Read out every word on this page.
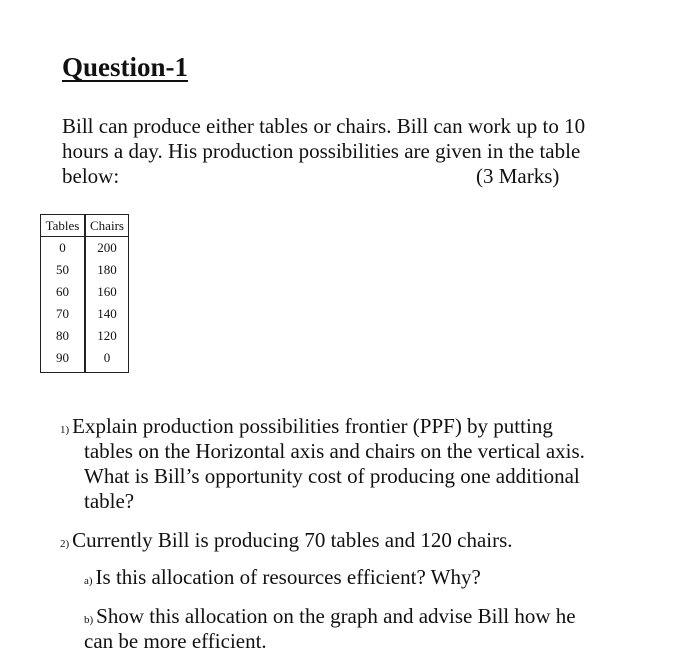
Question-1
Bill can produce either tables or chairs. Bill can work up to 10
hours a day. His production possibilities are given in the table
below:	(3 Marks)
Tables	Chairs
0	200
50	180
60	160
70	140
80	120
90	0
1) Explain production possibilities frontier (PPF) by putting
tables on the Horizontal axis and chairs on the vertical axis.
What is Bill’s opportunity cost of producing one additional
table?
2) Currently Bill is producing 70 tables and 120 chairs.
a) Is this allocation of resources efficient? Why?
b) Show this allocation on the graph and advise Bill how he
can be more efficient.
